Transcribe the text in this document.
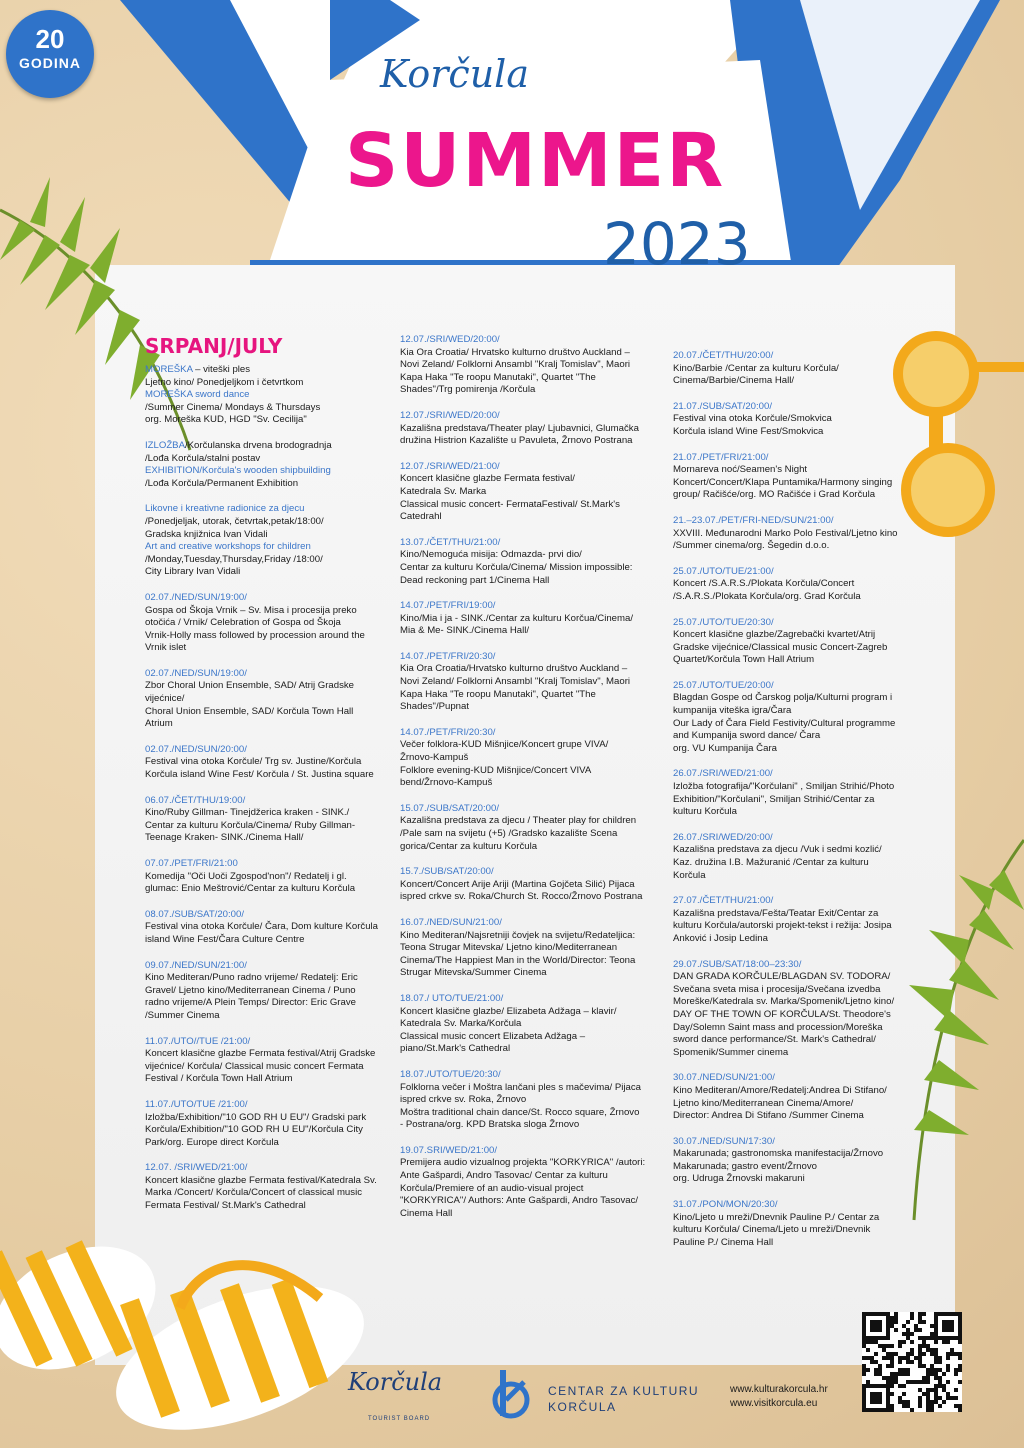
20
GODINA	Korčula
SUMMER
2023
SRPANJ/JULY

MOREŠKA – viteški ples
Ljetno kino/ Ponedjeljkom i četvrtkom
MOREŠKA sword dance
/Summer Cinema/ Mondays & Thursdays
org. Moreška KUD, HGD "Sv. Cecilija"

IZLOŽBA/Korčulanska drvena brodogradnja
/Lođa Korčula/stalni postav
EXHIBITION/Korčula's wooden shipbuilding
/Lođa Korčula/Permanent Exhibition

Likovne i kreativne radionice za djecu
/Ponedjeljak, utorak, četvrtak,petak/18:00/
Gradska knjižnica Ivan Vidali
Art and creative workshops for children
/Monday,Tuesday,Thursday,Friday /18:00/
City Library Ivan Vidali

02.07./NED/SUN/19:00/
Gospa od Škoja Vrnik – Sv. Misa i procesija preko
otočića / Vrnik/ Celebration of Gospa od Škoja
Vrnik-Holly mass followed by procession around the
Vrnik islet

02.07./NED/SUN/19:00/
Zbor Choral Union Ensemble, SAD/ Atrij Gradske
vijećnice/
Choral Union Ensemble, SAD/ Korčula Town Hall
Atrium

02.07./NED/SUN/20:00/
Festival vina otoka Korčule/ Trg sv. Justine/Korčula
Korčula island Wine Fest/ Korčula / St. Justina square

06.07./ČET/THU/19:00/
Kino/Ruby Gillman- Tinejdžerica kraken - SINK./
Centar za kulturu Korčula/Cinema/ Ruby Gillman-
Teenage Kraken- SINK./Cinema Hall/

07.07./PET/FRI/21:00
Komedija "Oči Uoči Zgospod'non"/ Redatelj i gl.
glumac: Enio Meštrović/Centar za kulturu Korčula

08.07./SUB/SAT/20:00/
Festival vina otoka Korčule/ Čara, Dom kulture Korčula
island Wine Fest/Čara Culture Centre

09.07./NED/SUN/21:00/
Kino Mediteran/Puno radno vrijeme/ Redatelj: Eric
Gravel/ Ljetno kino/Mediterranean Cinema / Puno
radno vrijeme/A Plein Temps/ Director: Eric Grave
/Summer Cinema

11.07./UTO//TUE /21:00/
Koncert klasične glazbe Fermata festival/Atrij Gradske
vijećnice/ Korčula/ Classical music concert Fermata
Festival / Korčula Town Hall Atrium

11.07./UTO/TUE /21:00/
Izložba/Exhibition/"10 GOD RH U EU"/ Gradski park
Korčula/Exhibition/"10 GOD RH U EU"/Korčula City
Park/org. Europe direct Korčula

12.07. /SRI/WED/21:00/
Koncert klasične glazbe Fermata festival/Katedrala Sv.
Marka /Concert/ Korčula/Concert of classical music
Fermata Festival/ St.Mark's Cathedral

12.07./SRI/WED/20:00/
Kia Ora Croatia/ Hrvatsko kulturno društvo Auckland –
Novi Zeland/ Folklorni Ansambl "Kralj Tomislav", Maori
Kapa Haka "Te roopu Manutaki", Quartet "The
Shades"/Trg pomirenja /Korčula

12.07./SRI/WED/20:00/
Kazališna predstava/Theater play/ Ljubavnici, Glumačka
družina Histrion Kazalište u Pavuleta, Žrnovo Postrana

12.07./SRI/WED/21:00/
Koncert klasične glazbe Fermata festival/
Katedrala Sv. Marka
Classical music concert- FermataFestival/ St.Mark's
Catedrahl

13.07./ČET/THU/21:00/
Kino/Nemoguća misija: Odmazda- prvi dio/
Centar za kulturu Korčula/Cinema/ Mission impossible:
Dead reckoning part 1/Cinema Hall

14.07./PET/FRI/19:00/
Kino/Mia i ja - SINK./Centar za kulturu Korčua/Cinema/
Mia & Me- SINK./Cinema Hall/

14.07./PET/FRI/20:30/
Kia Ora Croatia/Hrvatsko kulturno društvo Auckland –
Novi Zeland/ Folklorni Ansambl "Kralj Tomislav", Maori
Kapa Haka "Te roopu Manutaki", Quartet "The
Shades"/Pupnat

14.07./PET/FRI/20:30/
Večer folklora-KUD Mišnjice/Koncert grupe VIVA/
Žrnovo-Kampuš
Folklore evening-KUD Mišnjice/Concert VIVA
bend/Žrnovo-Kampuš

15.07./SUB/SAT/20:00/
Kazališna predstava za djecu / Theater play for children
/Pale sam na svijetu (+5) /Gradsko kazalište Scena
gorica/Centar za kulturu Korčula

15.7./SUB/SAT/20:00/
Koncert/Concert Arije Ariji (Martina Gojčeta Silić) Pijaca
ispred crkve sv. Roka/Church St. Rocco/Žrnovo Postrana

16.07./NED/SUN/21:00/
Kino Mediteran/Najsretniji čovjek na svijetu/Redateljica:
Teona Strugar Mitevska/ Ljetno kino/Mediterranean
Cinema/The Happiest Man in the World/Director: Teona
Strugar Mitevska/Summer Cinema

18.07./ UTO/TUE/21:00/
Koncert klasične glazbe/ Elizabeta Adžaga – klavir/
Katedrala Sv. Marka/Korčula
Classical music concert Elizabeta Adžaga –
piano/St.Mark's Cathedral

18.07./UTO/TUE/20:30/
Folklorna večer i Moštra lančani ples s mačevima/ Pijaca
ispred crkve sv. Roka, Žrnovo
Moštra traditional chain dance/St. Rocco square, Žrnovo
- Postrana/org. KPD Bratska sloga Žrnovo

19.07.SRI/WED/21:00/
Premijera audio vizualnog projekta "KORKYRICA" /autori:
Ante Gašpardi, Andro Tasovac/ Centar za kulturu
Korčula/Premiere of an audio-visual project
"KORKYRICA"/ Authors: Ante Gašpardi, Andro Tasovac/
Cinema Hall

20.07./ČET/THU/20:00/
Kino/Barbie /Centar za kulturu Korčula/
Cinema/Barbie/Cinema Hall/

21.07./SUB/SAT/20:00/
Festival vina otoka Korčule/Smokvica
Korčula island Wine Fest/Smokvica

21.07./PET/FRI/21:00/
Mornareva noć/Seamen's Night
Koncert/Concert/Klapa Puntamika/Harmony singing
group/ Račišće/org. MO Račišće i Grad Korčula

21.–23.07./PET/FRI-NED/SUN/21:00/
XXVIII. Međunarodni Marko Polo Festival/Ljetno kino
/Summer cinema/org. Šegedin d.o.o.

25.07./UTO/TUE/21:00/
Koncert /S.A.R.S./Plokata Korčula/Concert
/S.A.R.S./Plokata Korčula/org. Grad Korčula

25.07./UTO/TUE/20:30/
Koncert klasične glazbe/Zagrebački kvartet/Atrij
Gradske vijećnice/Classical music Concert-Zagreb
Quartet/Korčula Town Hall Atrium

25.07./UTO/TUE/20:00/
Blagdan Gospe od Čarskog polja/Kulturni program i
kumpanija viteška igra/Čara
Our Lady of Čara Field Festivity/Cultural programme
and Kumpanija sword dance/ Čara
org. VU Kumpanija Čara

26.07./SRI/WED/21:00/
Izložba fotografija/"Korčulani" , Smiljan Strihić/Photo
Exhibition/"Korčulani", Smiljan Strihić/Centar za
kulturu Korčula

26.07./SRI/WED/20:00/
Kazališna predstava za djecu /Vuk i sedmi kozlić/
Kaz. družina I.B. Mažuranić /Centar za kulturu
Korčula

27.07./ČET/THU/21:00/
Kazališna predstava/Fešta/Teatar Exit/Centar za
kulturu Korčula/autorski projekt-tekst i režija: Josipa
Anković i Josip Ledina

29.07./SUB/SAT/18:00–23:30/
DAN GRADA KORČULE/BLAGDAN SV. TODORA/
Svečana sveta misa i procesija/Svečana izvedba
Moreške/Katedrala sv. Marka/Spomenik/Ljetno kino/
DAY OF THE TOWN OF KORČULA/St. Theodore's
Day/Solemn Saint mass and procession/Moreška
sword dance performance/St. Mark's Cathedral/
Spomenik/Summer cinema

30.07./NED/SUN/21:00/
Kino Mediteran/Amore/Redatelj:Andrea Di Stifano/
Ljetno kino/Mediterranean Cinema/Amore/
Director: Andrea Di Stifano /Summer Cinema

30.07./NED/SUN/17:30/
Makarunada; gastronomska manifestacija/Žrnovo
Makarunada; gastro event/Žrnovo
org. Udruga Žrnovski makaruni

31.07./PON/MON/20:30/
Kino/Ljeto u mreži/Dnevnik Pauline P./ Centar za
kulturu Korčula/ Cinema/Ljeto u mreži/Dnevnik
Pauline P./ Cinema Hall

Korčula
TOURIST BOARD
CENTAR ZA KULTURU
KORČULA
www.kulturakorcula.hr
www.visitkorcula.eu
